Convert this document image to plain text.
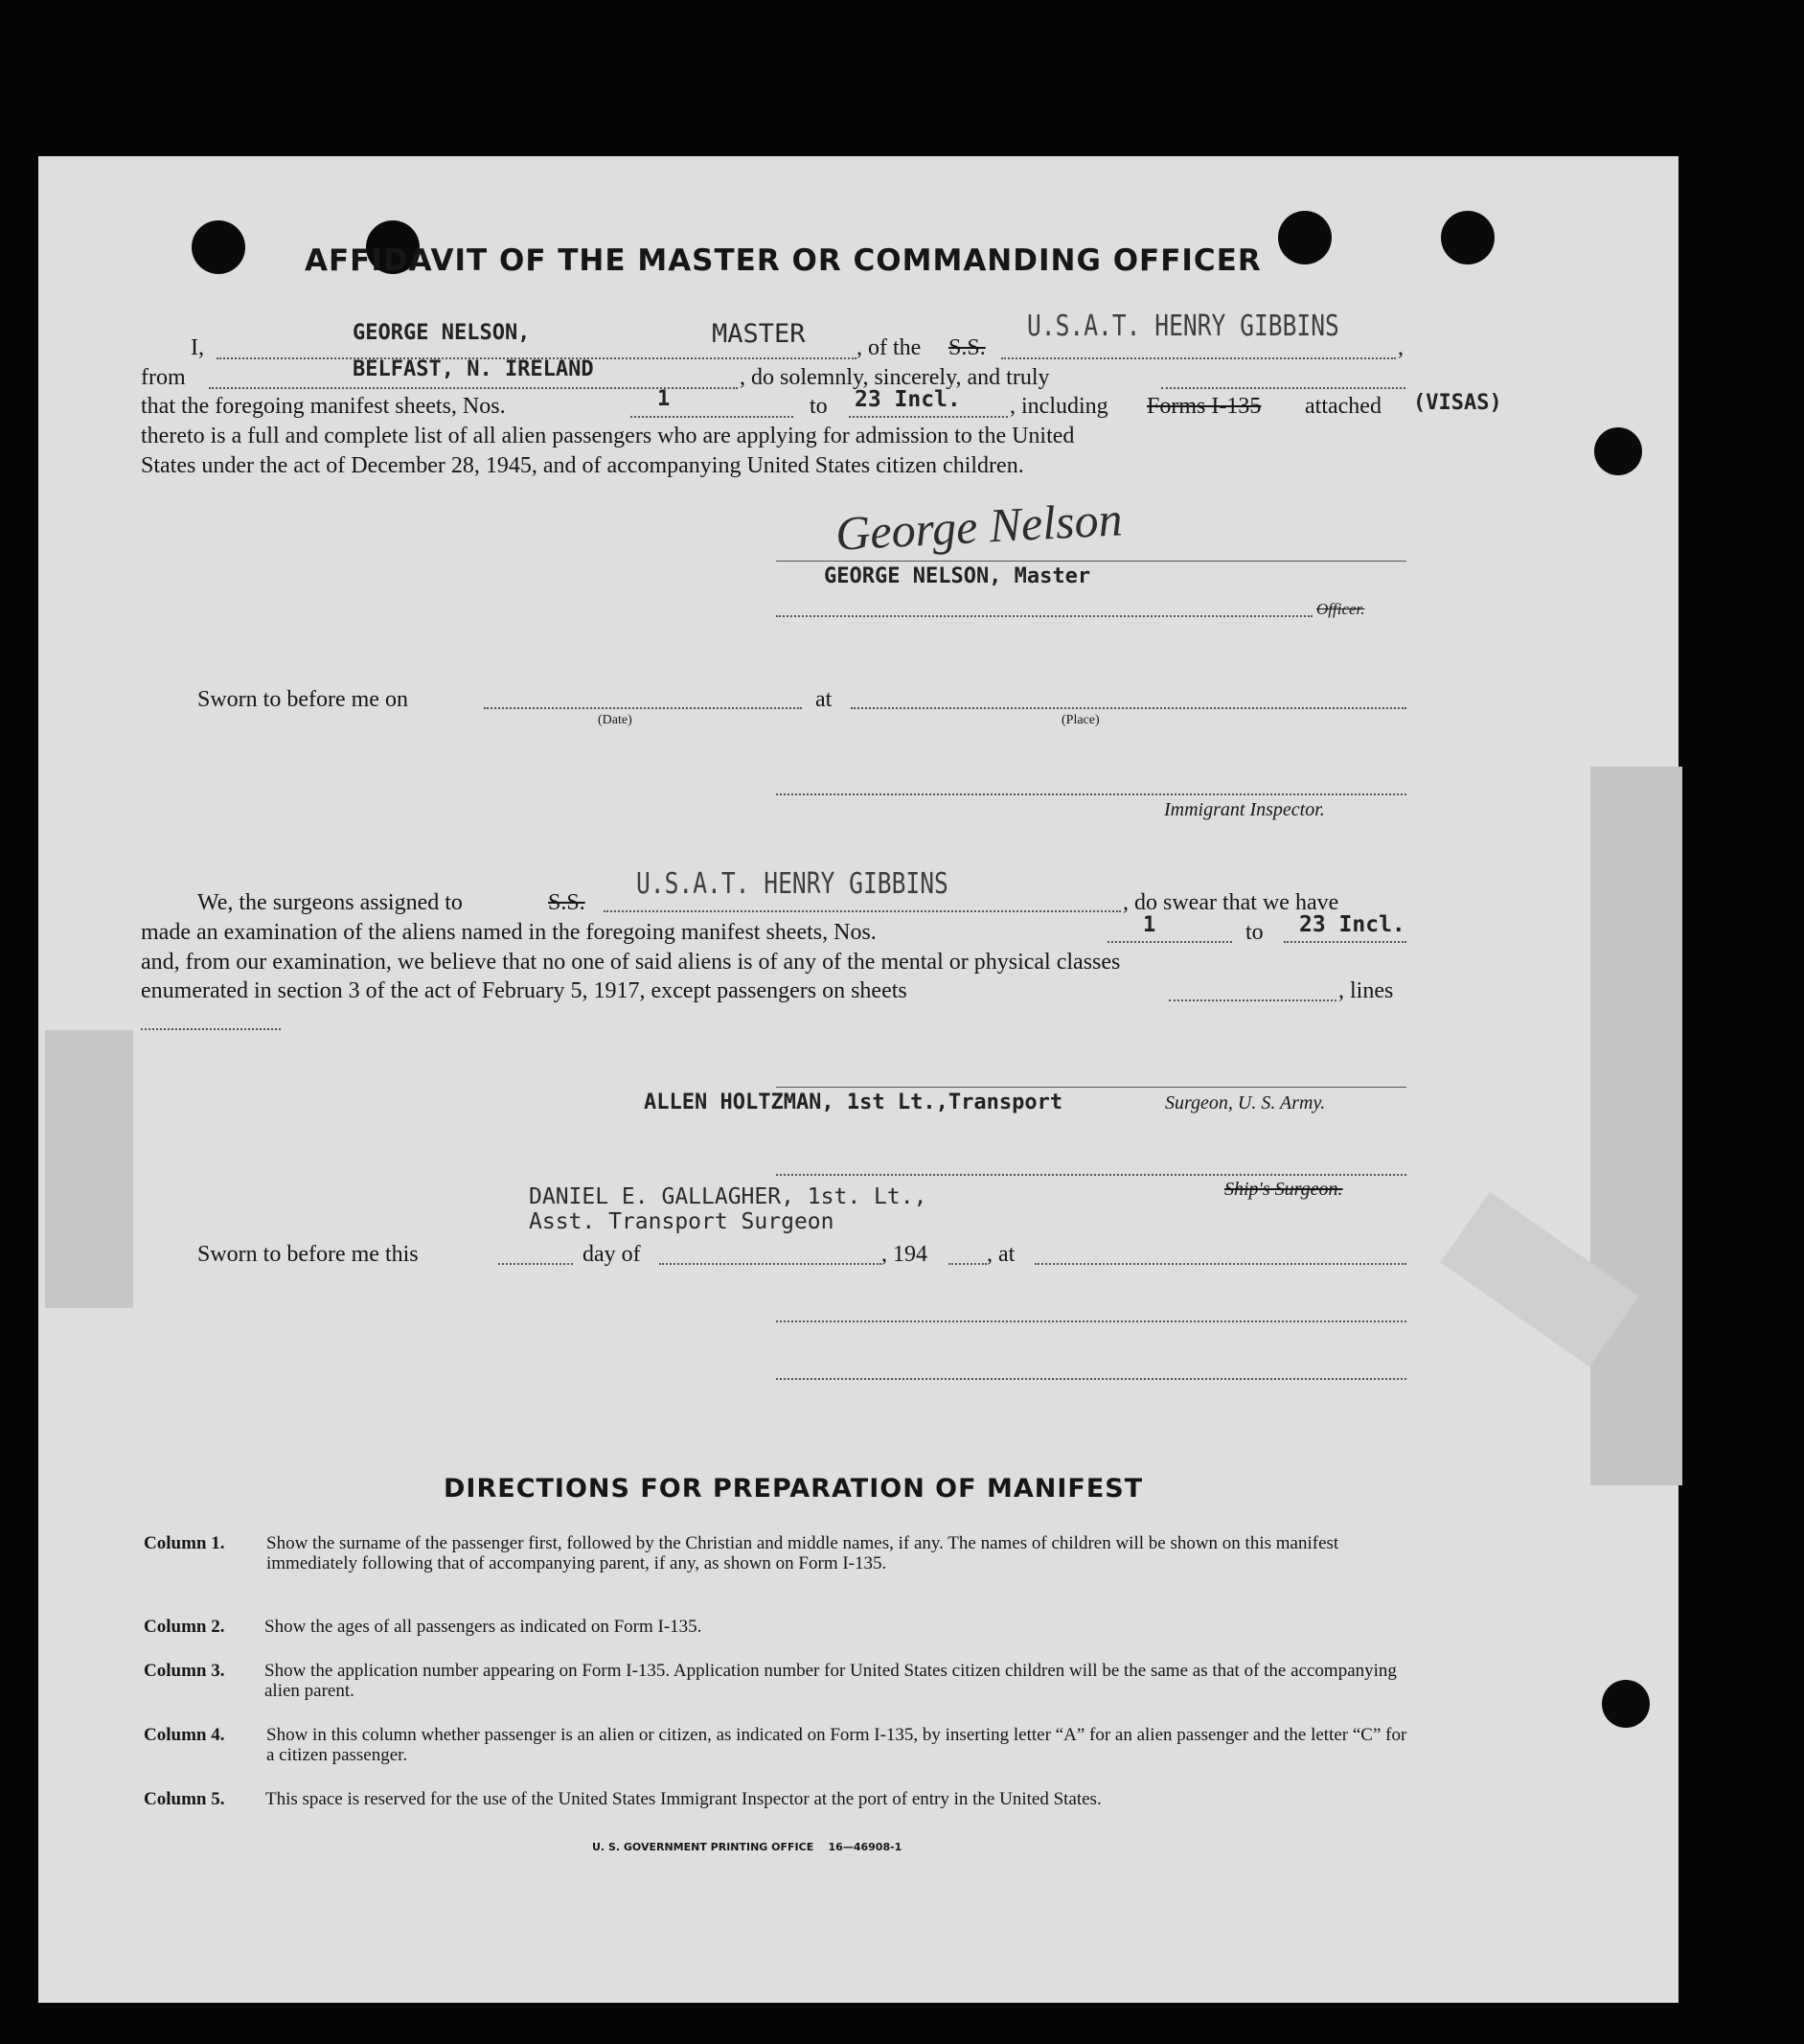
AFFIDAVIT OF THE MASTER OR COMMANDING OFFICER
I,
GEORGE NELSON,	MASTER , of the S.S.
U.S.A.T. HENRY GIBBINS
,
from	BELFAST, N. IRELAND	, do solemnly, sincerely, and truly
that the foregoing manifest sheets, Nos.	1	to 23 Incl. , including Forms I-135 attached (VISAS)
thereto is a full and complete list of all alien passengers who are applying for admission to the United
States under the act of December 28, 1945, and of accompanying United States citizen children.
George Nelson
GEORGE NELSON, Master
Officer.
Sworn to before me on
(Date)
at
(Place)
Immigrant Inspector.
We, the surgeons assigned to	S.S.
U.S.A.T. HENRY GIBBINS
, do swear that we have
made an examination of the aliens named in the foregoing manifest sheets, Nos.	1	to 23 Incl.
and, from our examination, we believe that no one of said aliens is of any of the mental or physical classes
enumerated in section 3 of the act of February 5, 1917, except passengers on sheets	, lines
ALLEN HOLTZMAN, 1st Lt.,Transport	Surgeon, U. S. Army.
DANIEL E. GALLAGHER, 1st. Lt.,
Asst. Transport Surgeon
Ship's Surgeon.
Sworn to before me this	day of	, 194	, at
DIRECTIONS FOR PREPARATION OF MANIFEST
Column 1. Show the surname of the passenger first, followed by the Christian and middle names, if any. The names of children will be shown on this manifest immediately following that of accompanying parent, if any, as shown on Form I-135.
Column 2. Show the ages of all passengers as indicated on Form I-135.
Column 3. Show the application number appearing on Form I-135. Application number for United States citizen children will be the same as that of the accompanying alien parent.
Column 4. Show in this column whether passenger is an alien or citizen, as indicated on Form I-135, by inserting letter “A” for an alien passenger and the letter “C” for a citizen passenger.
Column 5. This space is reserved for the use of the United States Immigrant Inspector at the port of entry in the United States.
U. S. GOVERNMENT PRINTING OFFICE    16—46908-1
